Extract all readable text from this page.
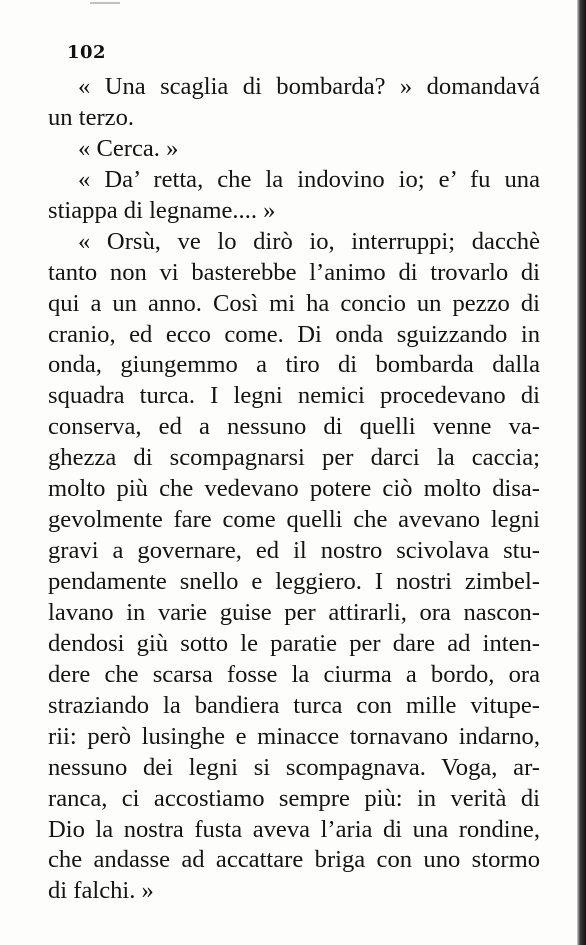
102
« Una scaglia di bombarda? » domandavá
un terzo.
« Cerca. »
« Da’ retta, che la indovino io; e’ fu una
stiappa di legname.... »
« Orsù, ve lo dirò io, interruppi; dacchè
tanto non vi basterebbe l’animo di trovarlo di
qui a un anno. Così mi ha concio un pezzo di
cranio, ed ecco come. Di onda sguizzando in
onda, giungemmo a tiro di bombarda dalla
squadra turca. I legni nemici procedevano di
conserva, ed a nessuno di quelli venne va-
ghezza di scompagnarsi per darci la caccia;
molto più che vedevano potere ciò molto disa-
gevolmente fare come quelli che avevano legni
gravi a governare, ed il nostro scivolava stu-
pendamente snello e leggiero. I nostri zimbel-
lavano in varie guise per attirarli, ora nascon-
dendosi giù sotto le paratie per dare ad inten-
dere che scarsa fosse la ciurma a bordo, ora
straziando la bandiera turca con mille vitupe-
rii: però lusinghe e minacce tornavano indarno,
nessuno dei legni si scompagnava. Voga, ar-
ranca, ci accostiamo sempre più: in verità di
Dio la nostra fusta aveva l’aria di una rondine,
che andasse ad accattare briga con uno stormo
di falchi. »
